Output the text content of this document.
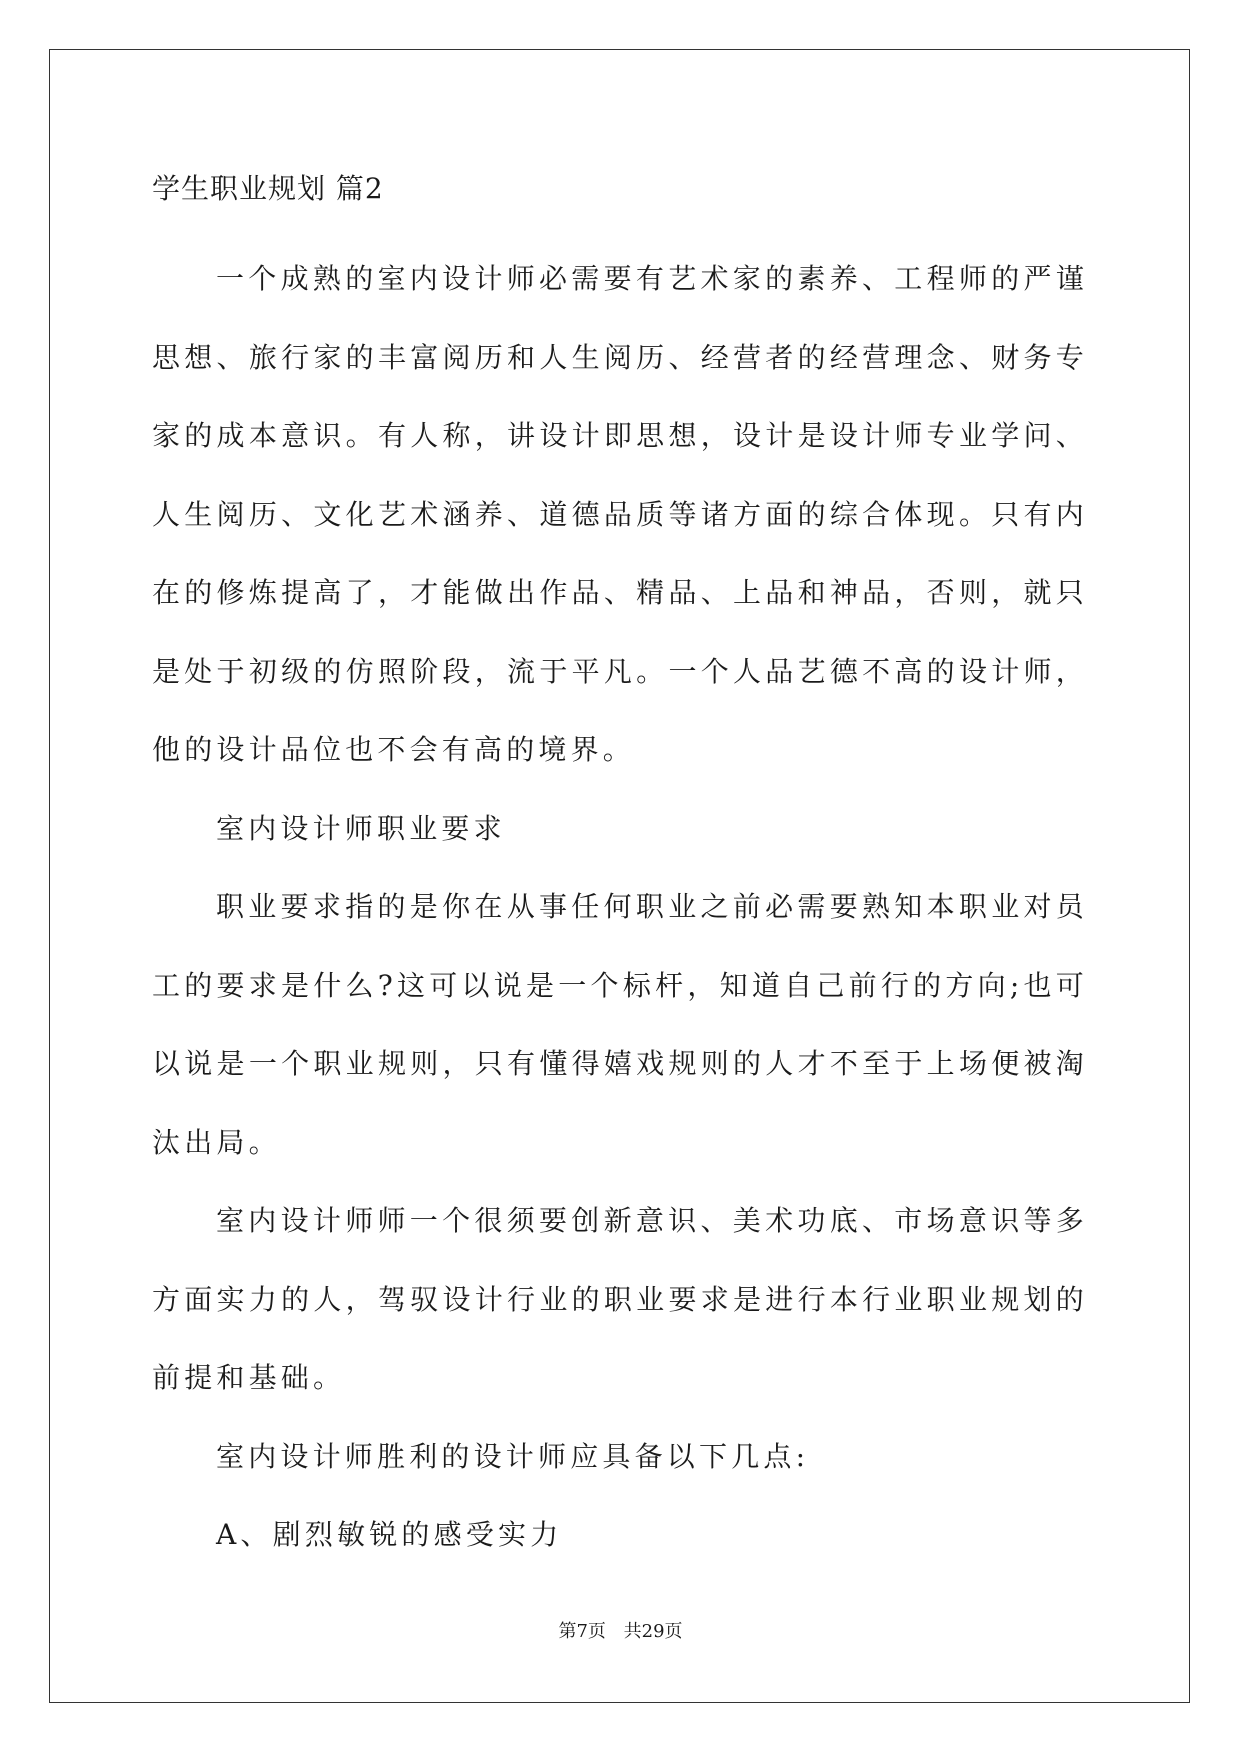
学生职业规划 篇2

一个成熟的室内设计师必需要有艺术家的素养、工程师的严谨思想、旅行家的丰富阅历和人生阅历、经营者的经营理念、财务专家的成本意识。有人称，讲设计即思想，设计是设计师专业学问、人生阅历、文化艺术涵养、道德品质等诸方面的综合体现。只有内在的修炼提高了，才能做出作品、精品、上品和神品，否则，就只是处于初级的仿照阶段，流于平凡。一个人品艺德不高的设计师，他的设计品位也不会有高的境界。

室内设计师职业要求

职业要求指的是你在从事任何职业之前必需要熟知本职业对员工的要求是什么?这可以说是一个标杆，知道自己前行的方向;也可以说是一个职业规则，只有懂得嬉戏规则的人才不至于上场便被淘汰出局。

室内设计师师一个很须要创新意识、美术功底、市场意识等多方面实力的人，驾驭设计行业的职业要求是进行本行业职业规划的前提和基础。

室内设计师胜利的设计师应具备以下几点:

A、剧烈敏锐的感受实力

第7页 共29页
